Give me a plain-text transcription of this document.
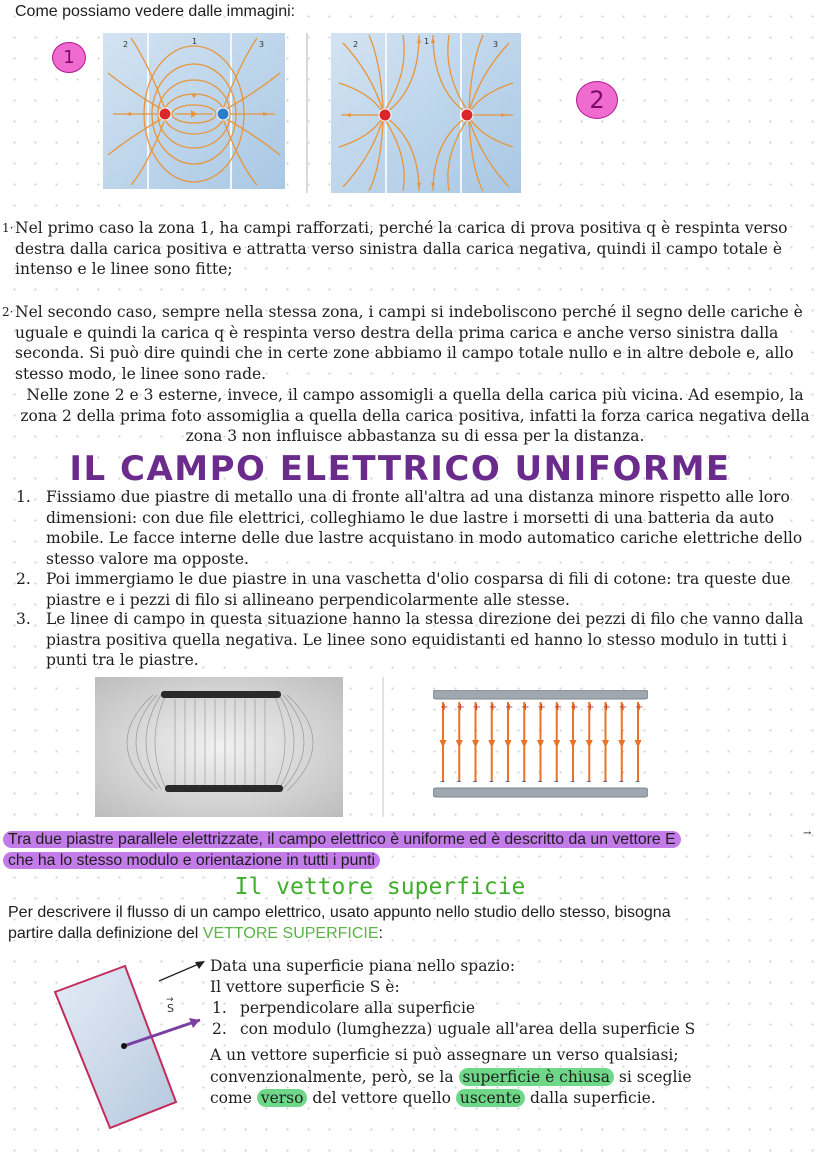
Come possiamo vedere dalle immagini:
1
2	1	3	2	1	3
2
1· Nel primo caso la zona 1, ha campi rafforzati, perché la carica di prova positiva q è respinta verso destra dalla carica positiva e attratta verso sinistra dalla carica negativa, quindi il campo totale è intenso e le linee sono fitte;
2· Nel secondo caso, sempre nella stessa zona, i campi si indeboliscono perché il segno delle cariche è uguale e quindi la carica q è respinta verso destra della prima carica e anche verso sinistra dalla seconda. Si può dire quindi che in certe zone abbiamo il campo totale nullo e in altre debole e, allo stesso modo, le linee sono rade.
Nelle zone 2 e 3 esterne, invece, il campo assomigli a quella della carica più vicina. Ad esempio, la zona 2 della prima foto assomiglia a quella della carica positiva, infatti la forza carica negativa della zona 3 non influisce abbastanza su di essa per la distanza.
IL CAMPO ELETTRICO UNIFORME
1. Fissiamo due piastre di metallo una di fronte all'altra ad una distanza minore rispetto alle loro dimensioni: con due file elettrici, colleghiamo le due lastre i morsetti di una batteria da auto mobile. Le facce interne delle due lastre acquistano in modo automatico cariche elettriche dello stesso valore ma opposte.
2. Poi immergiamo le due piastre in una vaschetta d'olio cosparsa di fili di cotone: tra queste due piastre e i pezzi di filo si allineano perpendicolarmente alle stesse.
3. Le linee di campo in questa situazione hanno la stessa direzione dei pezzi di filo che vanno dalla piastra positiva quella negativa. Le linee sono equidistanti ed hanno lo stesso modulo in tutti i punti tra le piastre.
+
–
+
–
+
–
+
–
+
–
+
–
+
–
+
–
+
–
+
–
+
–
+
–
+
–
Tra due piastre parallele elettrizzate, il campo elettrico è uniforme ed è descritto da un vettore E
che ha lo stesso modulo e orientazione in tutti i punti
→
Il vettore superficie
Per descrivere il flusso di un campo elettrico, usato appunto nello studio dello stesso, bisogna
partire dalla definizione del VETTORE SUPERFICIE:
S
→
Data una superficie piana nello spazio:
Il vettore superficie S è:
1. perpendicolare alla superficie
2. con modulo (lumghezza) uguale all'area della superficie S
A un vettore superficie si può assegnare un verso qualsiasi;
convenzionalmente, però, se la superficie è chiusa si sceglie
come verso del vettore quello uscente dalla superficie.
